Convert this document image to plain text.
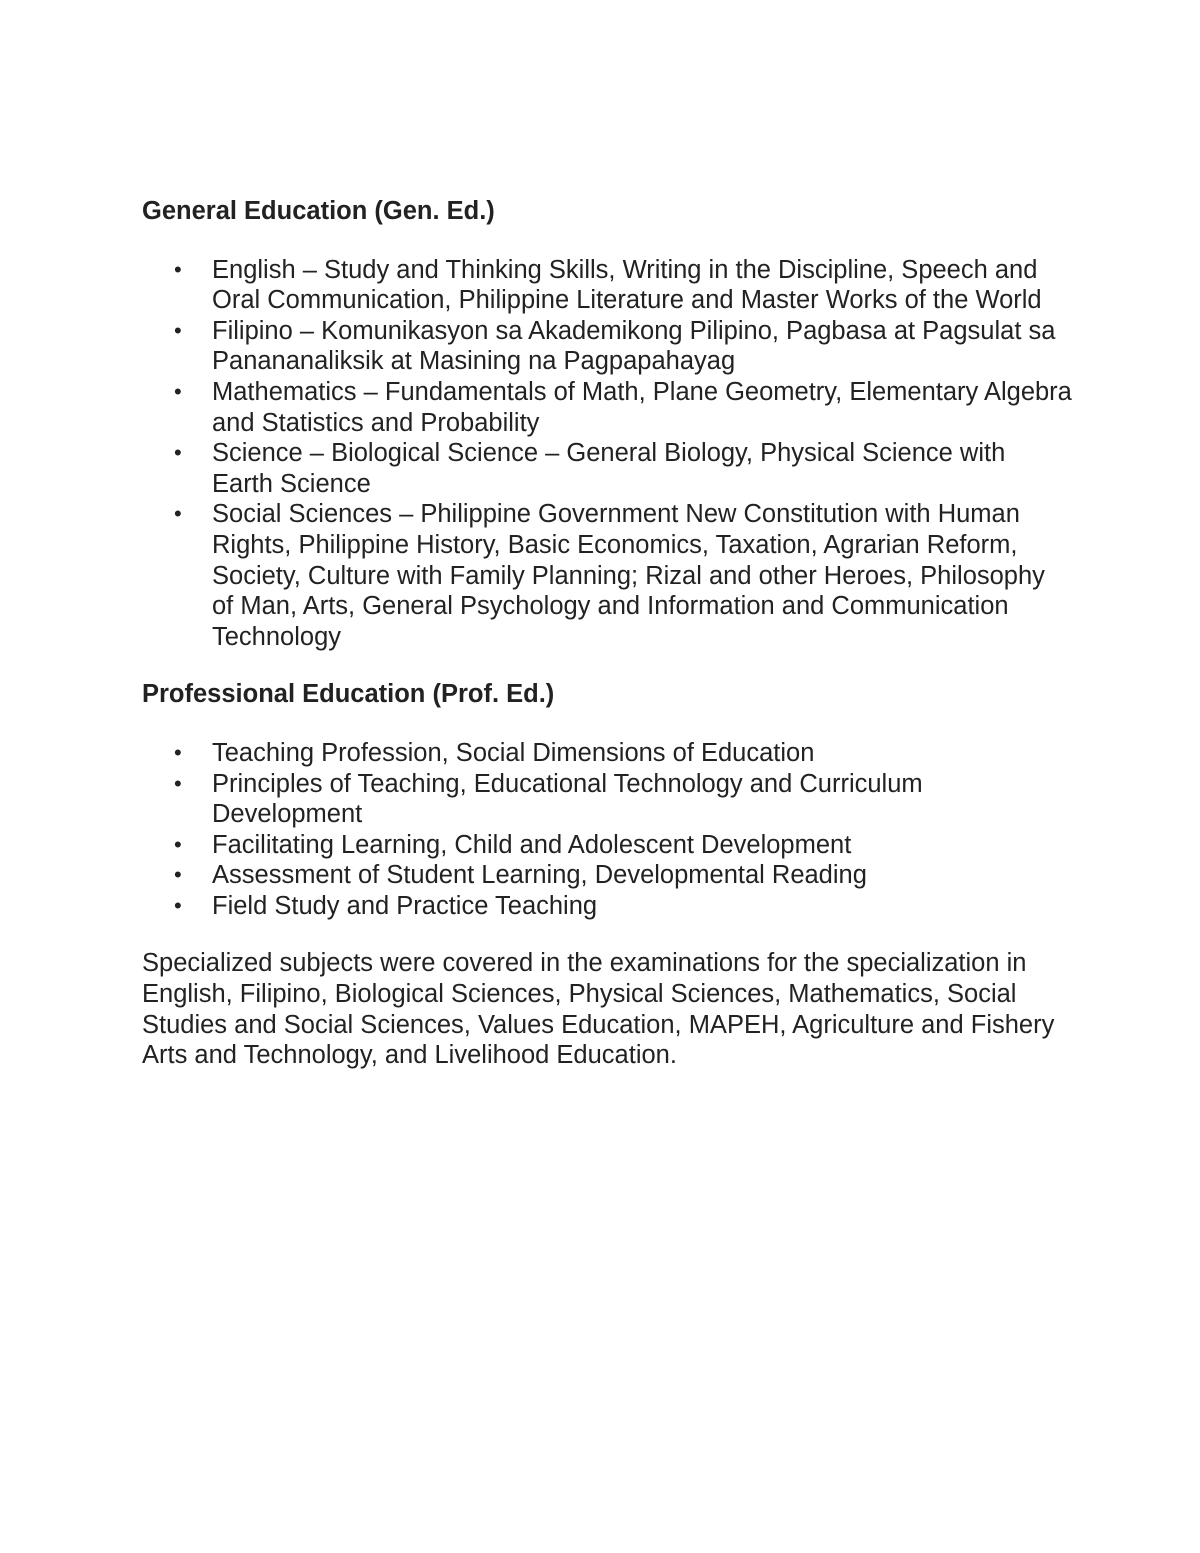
General Education (Gen. Ed.)

•	English – Study and Thinking Skills, Writing in the Discipline, Speech and Oral Communication, Philippine Literature and Master Works of the World
•	Filipino – Komunikasyon sa Akademikong Pilipino, Pagbasa at Pagsulat sa Panananaliksik at Masining na Pagpapahayag
•	Mathematics – Fundamentals of Math, Plane Geometry, Elementary Algebra and Statistics and Probability
•	Science – Biological Science – General Biology, Physical Science with Earth Science
•	Social Sciences – Philippine Government New Constitution with Human Rights, Philippine History, Basic Economics, Taxation, Agrarian Reform, Society, Culture with Family Planning; Rizal and other Heroes, Philosophy of Man, Arts, General Psychology and Information and Communication Technology

Professional Education (Prof. Ed.)

•	Teaching Profession, Social Dimensions of Education
•	Principles of Teaching, Educational Technology and Curriculum Development
•	Facilitating Learning, Child and Adolescent Development
•	Assessment of Student Learning, Developmental Reading
•	Field Study and Practice Teaching

Specialized subjects were covered in the examinations for the specialization in English, Filipino, Biological Sciences, Physical Sciences, Mathematics, Social Studies and Social Sciences, Values Education, MAPEH, Agriculture and Fishery Arts and Technology, and Livelihood Education.
